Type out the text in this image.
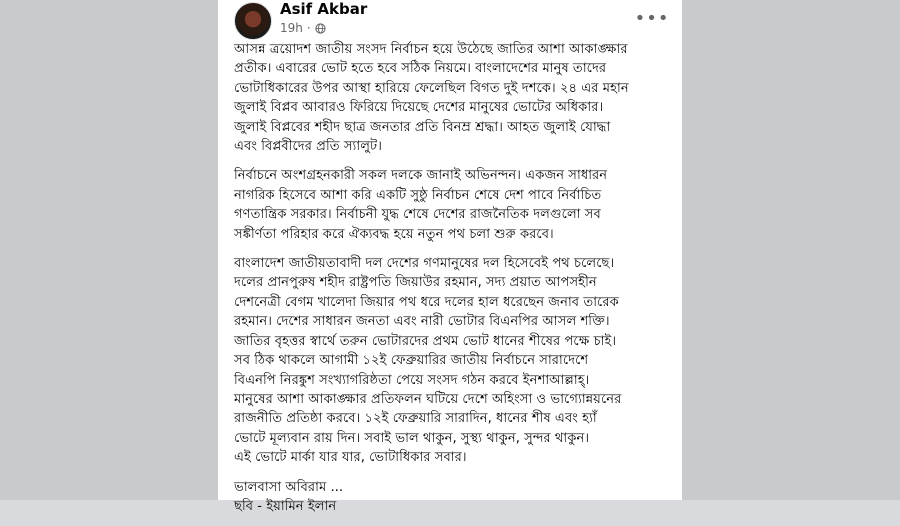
Asif Akbar
19h ·	•••
আসন্ন ত্রয়োদশ জাতীয় সংসদ নির্বাচন হয়ে উঠেছে জাতির আশা আকাঙ্ক্ষার
প্রতীক। এবারের ভোট হতে হবে সঠিক নিয়মে। বাংলাদেশের মানুষ তাদের
ভোটাধিকারের উপর আস্থা হারিয়ে ফেলেছিল বিগত দুই দশকে। ২৪ এর মহান
জুলাই বিপ্লব আবারও ফিরিয়ে দিয়েছে দেশের মানুষের ভোটের অধিকার।
জুলাই বিপ্লবের শহীদ ছাত্র জনতার প্রতি বিনম্র শ্রদ্ধা। আহত জুলাই যোদ্ধা
এবং বিপ্লবীদের প্রতি স্যালুট।
নির্বাচনে অংশগ্রহনকারী সকল দলকে জানাই অভিনন্দন। একজন সাধারন
নাগরিক হিসেবে আশা করি একটি সুষ্ঠু নির্বাচন শেষে দেশ পাবে নির্বাচিত
গণতান্ত্রিক সরকার। নির্বাচনী যুদ্ধ শেষে দেশের রাজনৈতিক দলগুলো সব
সঙ্কীর্ণতা পরিহার করে ঐক্যবদ্ধ হয়ে নতুন পথ চলা শুরু করবে।
বাংলাদেশ জাতীয়তাবাদী দল দেশের গণমানুষের দল হিসেবেই পথ চলেছে।
দলের প্রানপুরুষ শহীদ রাষ্ট্রপতি জিয়াউর রহমান, সদ্য প্রয়াত আপসহীন
দেশনেত্রী বেগম খালেদা জিয়ার পথ ধরে দলের হাল ধরেছেন জনাব তারেক
রহমান। দেশের সাধারন জনতা এবং নারী ভোটার বিএনপির আসল শক্তি।
জাতির বৃহত্তর স্বার্থে তরুন ভোটারদের প্রথম ভোট ধানের শীষের পক্ষে চাই।
সব ঠিক থাকলে আগামী ১২ই ফেব্রুয়ারির জাতীয় নির্বাচনে সারাদেশে
বিএনপি নিরঙ্কুশ সংখ্যাগরিষ্ঠতা পেয়ে সংসদ গঠন করবে ইনশাআল্লাহ্।
মানুষের আশা আকাঙ্ক্ষার প্রতিফলন ঘটিয়ে দেশে অহিংসা ও ভাগ্যোন্নয়নের
রাজনীতি প্রতিষ্ঠা করবে। ১২ই ফেব্রুয়ারি সারাদিন, ধানের শীষ এবং হ্যাঁ
ভোটে মূল্যবান রায় দিন। সবাই ভাল থাকুন, সুস্থ্য থাকুন, সুন্দর থাকুন।
এই ভোটে মার্কা যার যার, ভোটাধিকার সবার।
ভালবাসা অবিরাম ...
ছবি - ইয়ামিন ইলান
